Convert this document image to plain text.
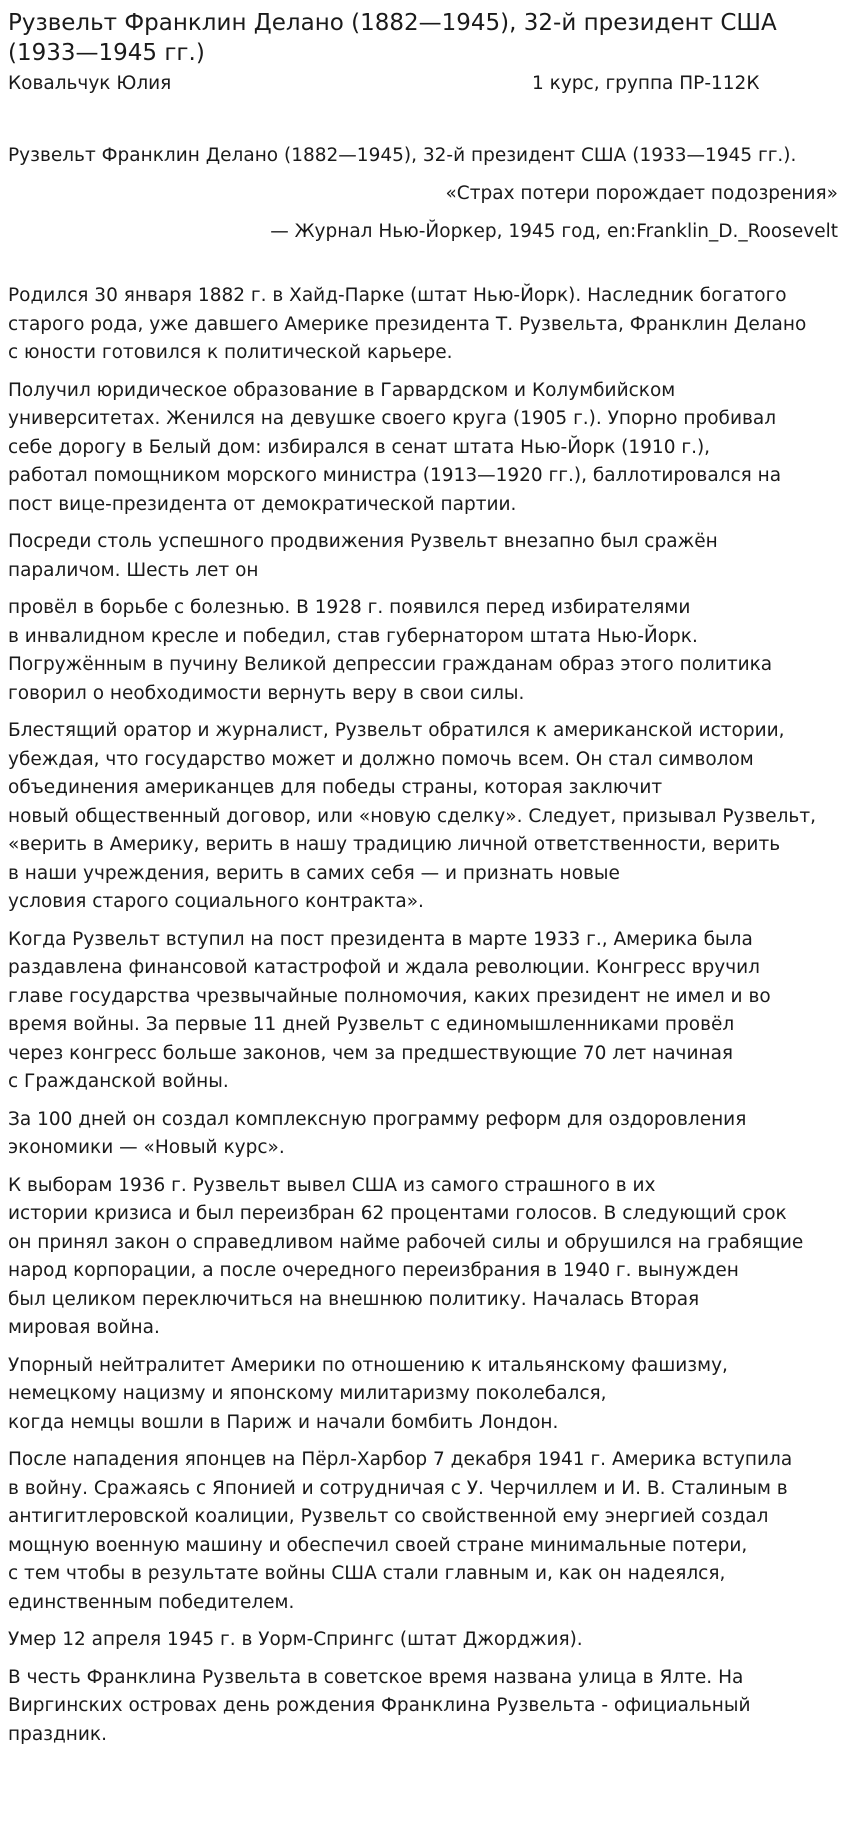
Рузвельт Франклин Делано (1882—1945), 32-й президент США (1933—1945 гг.)
Ковальчук Юлия	1 курс, группа ПР-112К
Рузвельт Франклин Делано (1882—1945), 32-й президент США (1933—1945 гг.).
«Страх потери порождает подозрения»
— Журнал Нью-Йоркер, 1945 год, en:Franklin_D._Roosevelt

Родился 30 января 1882 г. в Хайд-Парке (штат Нью-Йорк). Наследник богатого
старого рода, уже давшего Америке президента Т. Рузвельта, Франклин Делано
с юности готовился к политической карьере.

Получил юридическое образование в Гарвардском и Колумбийском
университетах. Женился на девушке своего круга (1905 г.). Упорно пробивал
себе дорогу в Белый дом: избирался в сенат штата Нью-Йорк (1910 г.),
работал помощником морского министра (1913—1920 гг.), баллотировался на
пост вице-президента от демократической партии.

Посреди столь успешного продвижения Рузвельт внезапно был сражён
параличом. Шесть лет он

провёл в борьбе с болезнью. В 1928 г. появился перед избирателями
в инвалидном кресле и победил, став губернатором штата Нью-Йорк.
Погружённым в пучину Великой депрессии гражданам образ этого политика
говорил о необходимости вернуть веру в свои силы.

Блестящий оратор и журналист, Рузвельт обратился к американской истории,
убеждая, что государство может и должно помочь всем. Он стал символом
объединения американцев для победы страны, которая заключит
новый общественный договор, или «новую сделку». Следует, призывал Рузвельт,
«верить в Америку, верить в нашу традицию личной ответственности, верить
в наши учреждения, верить в самих себя — и признать новые
условия старого социального контракта».

Когда Рузвельт вступил на пост президента в марте 1933 г., Америка была
раздавлена финансовой катастрофой и ждала революции. Конгресс вручил
главе государства чрезвычайные полномочия, каких президент не имел и во
время войны. За первые 11 дней Рузвельт с единомышленниками провёл
через конгресс больше законов, чем за предшествующие 70 лет начиная
с Гражданской войны.

За 100 дней он создал комплексную программу реформ для оздоровления
экономики — «Новый курс».

К выборам 1936 г. Рузвельт вывел США из самого страшного в их
истории кризиса и был переизбран 62 процентами голосов. В следующий срок
он принял закон о справедливом найме рабочей силы и обрушился на грабящие
народ корпорации, а после очередного переизбрания в 1940 г. вынужден
был целиком переключиться на внешнюю политику. Началась Вторая
мировая война.

Упорный нейтралитет Америки по отношению к итальянскому фашизму,
немецкому нацизму и японскому милитаризму поколебался,
когда немцы вошли в Париж и начали бомбить Лондон.

После нападения японцев на Пёрл-Харбор 7 декабря 1941 г. Америка вступила
в войну. Сражаясь с Японией и сотрудничая с У. Черчиллем и И. В. Сталиным в
антигитлеровской коалиции, Рузвельт со свойственной ему энергией создал
мощную военную машину и обеспечил своей стране минимальные потери,
с тем чтобы в результате войны США стали главным и, как он надеялся,
единственным победителем.

Умер 12 апреля 1945 г. в Уорм-Спрингс (штат Джорджия).

В честь Франклина Рузвельта в советское время названа улица в Ялте. На
Виргинских островах день рождения Франклина Рузвельта - официальный
праздник.
